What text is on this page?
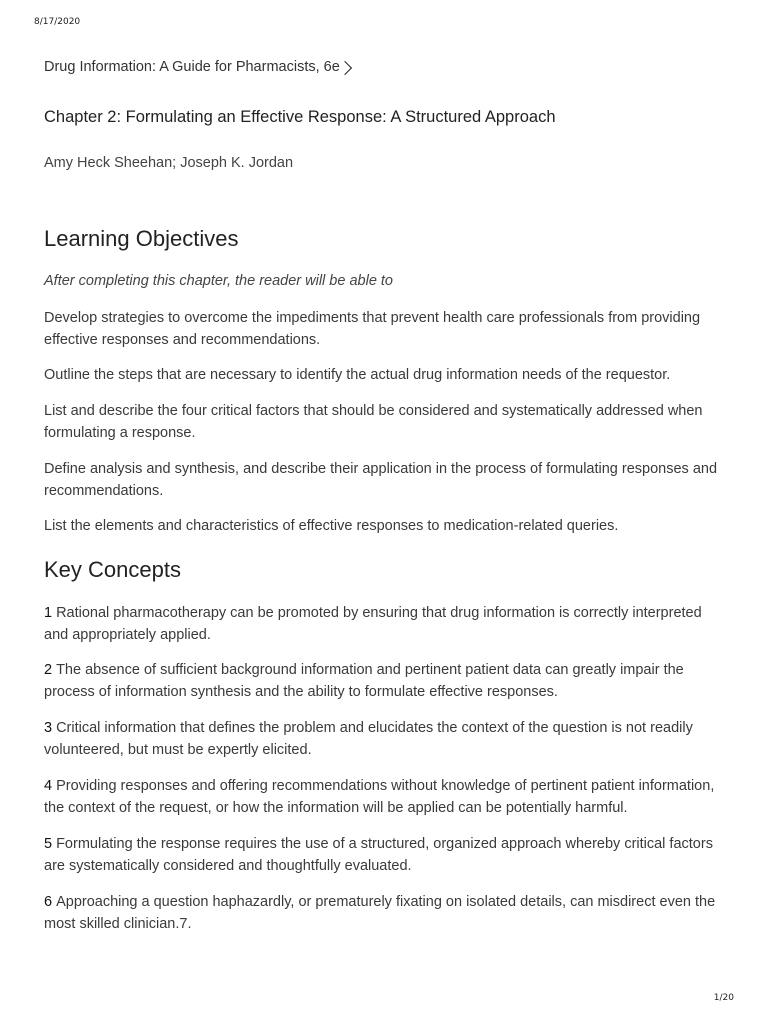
8/17/2020
Drug Information: A Guide for Pharmacists, 6e
Chapter 2: Formulating an Effective Response: A Structured Approach
Amy Heck Sheehan; Joseph K. Jordan
Learning Objectives
After completing this chapter, the reader will be able to
Develop strategies to overcome the impediments that prevent health care professionals from providing effective responses and recommendations.
Outline the steps that are necessary to identify the actual drug information needs of the requestor.
List and describe the four critical factors that should be considered and systematically addressed when formulating a response.
Define analysis and synthesis, and describe their application in the process of formulating responses and recommendations.
List the elements and characteristics of effective responses to medication-related queries.
Key Concepts
1 Rational pharmacotherapy can be promoted by ensuring that drug information is correctly interpreted and appropriately applied.
2 The absence of sufficient background information and pertinent patient data can greatly impair the process of information synthesis and the ability to formulate effective responses.
3 Critical information that defines the problem and elucidates the context of the question is not readily volunteered, but must be expertly elicited.
4 Providing responses and offering recommendations without knowledge of pertinent patient information, the context of the request, or how the information will be applied can be potentially harmful.
5 Formulating the response requires the use of a structured, organized approach whereby critical factors are systematically considered and thoughtfully evaluated.
6 Approaching a question haphazardly, or prematurely fixating on isolated details, can misdirect even the most skilled clinician.7.
1/20
